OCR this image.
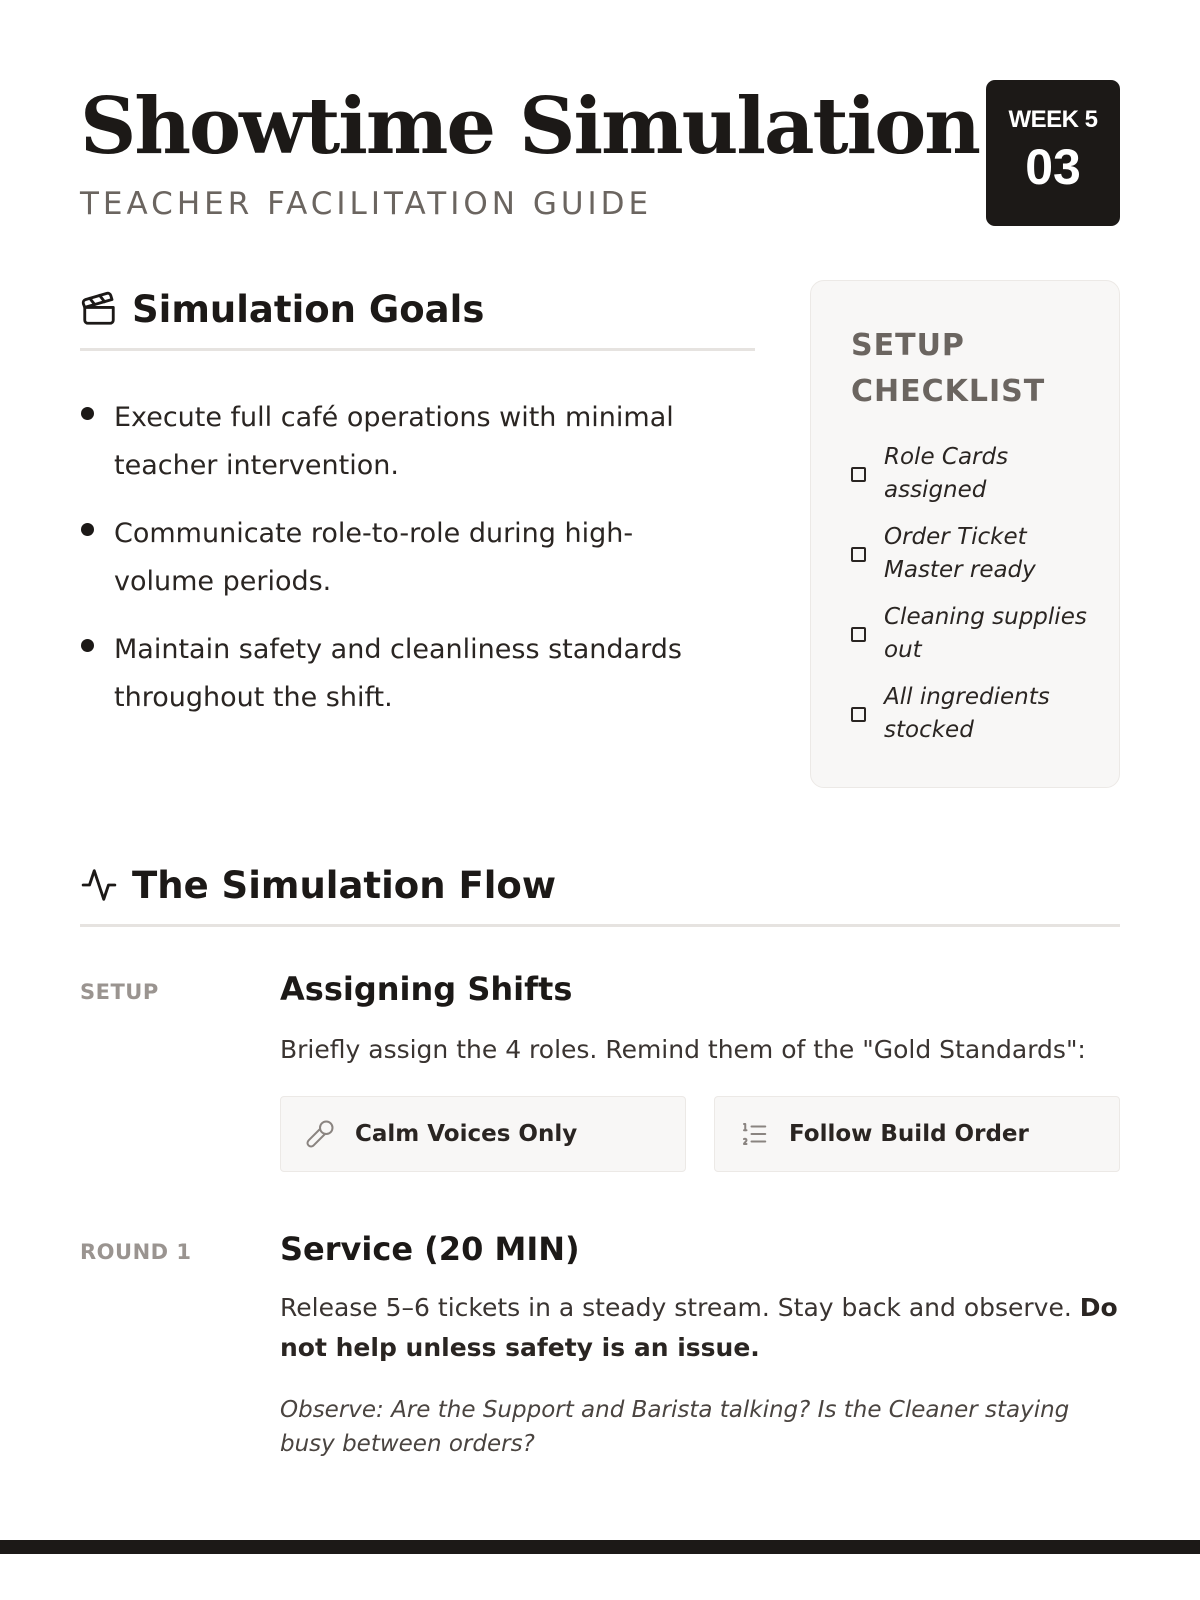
Showtime Simulation
TEACHER FACILITATION GUIDE
WEEK 5
03
Simulation Goals
Execute full café operations with minimal teacher intervention.
Communicate role-to-role during high-volume periods.
Maintain safety and cleanliness standards throughout the shift.
SETUP CHECKLIST
Role Cards assigned
Order Ticket Master ready
Cleaning supplies out
All ingredients stocked
The Simulation Flow
SETUP	Assigning Shifts
Briefly assign the 4 roles. Remind them of the "Gold Standards":
Calm Voices Only	Follow Build Order
ROUND 1	Service (20 MIN)
Release 5–6 tickets in a steady stream. Stay back and observe. Do not help unless safety is an issue.
Observe: Are the Support and Barista talking? Is the Cleaner staying busy between orders?
